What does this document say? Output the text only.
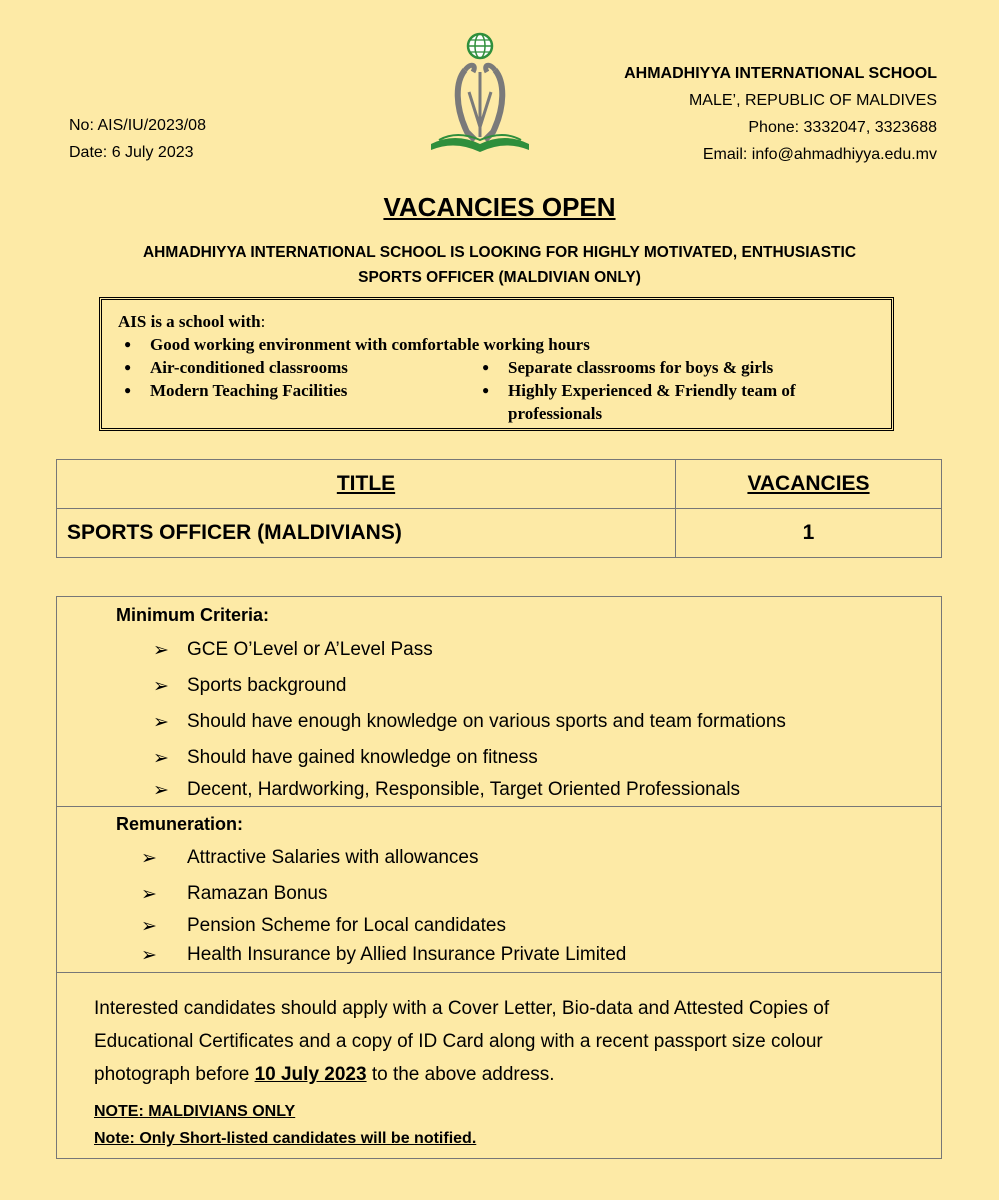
No: AIS/IU/2023/08
Date: 6 July 2023
AHMADHIYYA INTERNATIONAL SCHOOL
MALE’, REPUBLIC OF MALDIVES
Phone: 3332047, 3323688
Email: info@ahmadhiyya.edu.mv
VACANCIES OPEN
AHMADHIYYA INTERNATIONAL SCHOOL IS LOOKING FOR HIGHLY MOTIVATED, ENTHUSIASTIC
SPORTS OFFICER (MALDIVIAN ONLY)
AIS is a school with:
●	Good working environment with comfortable working hours
●	Air-conditioned classrooms
●	Modern Teaching Facilities
●	Separate classrooms for boys & girls
●	Highly Experienced & Friendly team of
professionals
TITLE	VACANCIES
SPORTS OFFICER (MALDIVIANS)	1
Minimum Criteria:
➢ GCE O’Level or A’Level Pass
➢ Sports background
➢ Should have enough knowledge on various sports and team formations
➢ Should have gained knowledge on fitness
➢ Decent, Hardworking, Responsible, Target Oriented Professionals
Remuneration:
➢	Attractive Salaries with allowances
➢	Ramazan Bonus
➢	Pension Scheme for Local candidates
➢	Health Insurance by Allied Insurance Private Limited
Interested candidates should apply with a Cover Letter, Bio-data and Attested Copies of Educational Certificates and a copy of ID Card along with a recent passport size colour photograph before 10 July 2023 to the above address.
NOTE: MALDIVIANS ONLY
Note: Only Short-listed candidates will be notified.
